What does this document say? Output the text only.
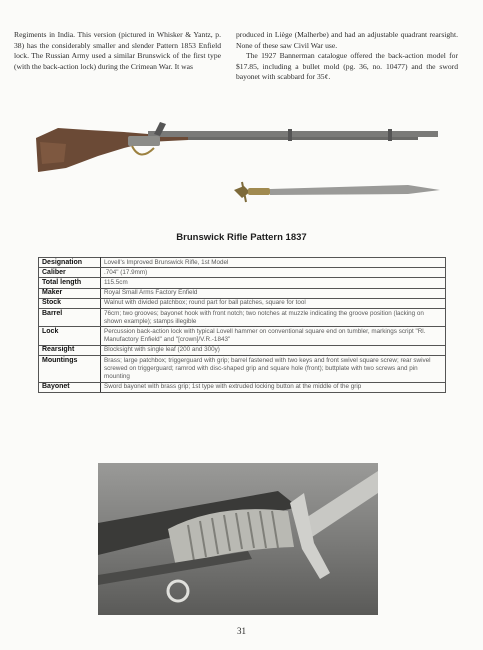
Regiments in India. This version (pictured in Whisker & Yantz, p. 38) has the considerably smaller and slender Pattern 1853 Enfield lock. The Russian Army used a similar Brunswick of the first type (with the back-action lock) during the Crimean War. It was

produced in Liège (Malherbe) and had an adjustable quadrant rearsight. None of these saw Civil War use.

The 1927 Bannerman catalogue offered the back-action model for $17.85, including a bullet mold (pg. 36, no. 10477) and the sword bayonet with scabbard for 35¢.

Brunswick Rifle Pattern 1837
Designation	Lovell's Improved Brunswick Rifle, 1st Model
Caliber	.704" (17.9mm)
Total length	115.5cm
Maker	Royal Small Arms Factory Enfield
Stock	Walnut with divided patchbox; round part for ball patches, square for tool
Barrel	76cm; two grooves; bayonet hook with front notch; two notches at muzzle indicating the groove position (lacking on shown example); stamps illegible
Lock	Percussion back-action lock with typical Lovell hammer on conventional square end on tumbler, markings script "Rl. Manufactory Enfield" and "[crown]/V.R.-1843"
Rearsight	Blocksight with single leaf (200 and 300y)
Mountings	Brass; large patchbox; triggerguard with grip; barrel fastened with two keys and front swivel square screw; rear swivel screwed on triggerguard; ramrod with disc-shaped grip and square hole (front); buttplate with two screws and pin mounting
Bayonet	Sword bayonet with brass grip; 1st type with extruded locking button at the middle of the grip
31
